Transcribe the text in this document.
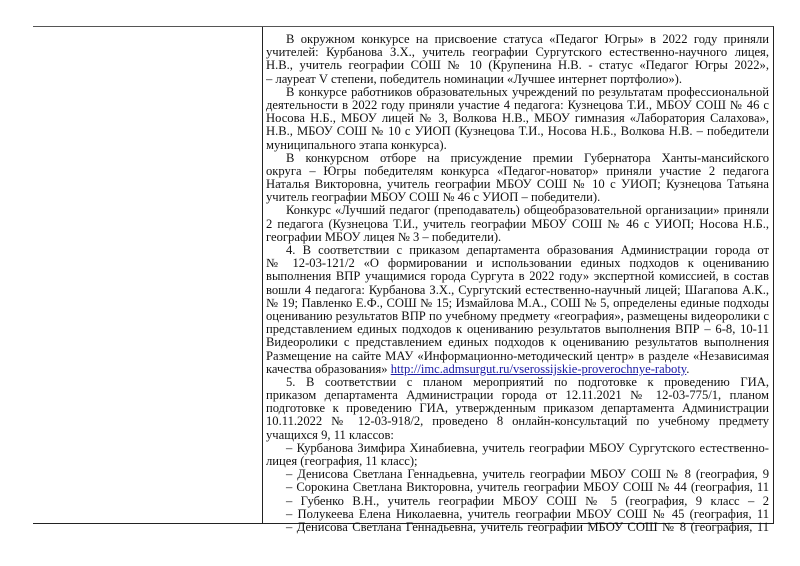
В окружном конкурсе на присвоение статуса «Педагог Югры» в 2022 году приняли
учителей: Курбанова З.Х., учитель географии Сургутского естественно-научного лицея,
Н.В., учитель географии СОШ № 10 (Крупенина Н.В. - статус «Педагог Югры 2022»,
– лауреат V степени, победитель номинации «Лучшее интернет портфолио»).
В конкурсе работников образовательных учреждений по результатам профессиональной
деятельности в 2022 году приняли участие 4 педагога: Кузнецова Т.И., МБОУ СОШ № 46 с
Носова Н.Б., МБОУ лицей № 3, Волкова Н.В., МБОУ гимназия «Лаборатория Салахова»,
Н.В., МБОУ СОШ № 10 с УИОП (Кузнецова Т.И., Носова Н.Б., Волкова Н.В. – победители
муниципального этапа конкурса).
В конкурсном отборе на присуждение премии Губернатора Ханты-мансийского
округа – Югры победителям конкурса «Педагог-новатор» приняли участие 2 педагога
Наталья Викторовна, учитель географии МБОУ СОШ № 10 с УИОП; Кузнецова Татьяна
учитель географии МБОУ СОШ № 46 с УИОП – победители).
Конкурс «Лучший педагог (преподаватель) общеобразовательной организации» приняли
2 педагога (Кузнецова Т.И., учитель географии МБОУ СОШ № 46 с УИОП; Носова Н.Б.,
географии МБОУ лицея № 3 – победители).
4. В соответствии с приказом департамента образования Администрации города от
№ 12-03-121/2 «О формировании и использовании единых подходов к оцениванию
выполнения ВПР учащимися города Сургута в 2022 году» экспертной комиссией, в состав
вошли 4 педагога: Курбанова З.Х., Сургутский естественно-научный лицей; Шагапова А.К.,
№ 19; Павленко Е.Ф., СОШ № 15; Измайлова М.А., СОШ № 5, определены единые подходы
оцениванию результатов ВПР по учебному предмету «география», размещены видеоролики с
представлением единых подходов к оцениванию результатов выполнения ВПР – 6-8, 10-11
Видеоролики с представлением единых подходов к оцениванию результатов выполнения
Размещение на сайте МАУ «Информационно-методический центр» в разделе «Независимая
качества образования» http://imc.admsurgut.ru/vserossijskie-proverochnye-raboty.
5. В соответствии с планом мероприятий по подготовке к проведению ГИА,
приказом департамента Администрации города от 12.11.2021 № 12-03-775/1, планом
подготовке к проведению ГИА, утвержденным приказом департамента Администрации
10.11.2022 № 12-03-918/2, проведено 8 онлайн-консультаций по учебному предмету
учащихся 9, 11 классов:
– Курбанова Зимфира Хинабиевна, учитель географии МБОУ Сургутского естественно-
лицея (география, 11 класс);
– Денисова Светлана Геннадьевна, учитель географии МБОУ СОШ № 8 (география, 9
– Сорокина Светлана Викторовна, учитель географии МБОУ СОШ № 44 (география, 11
– Губенко В.Н., учитель географии МБОУ СОШ № 5 (география, 9 класс – 2
– Полукеева Елена Николаевна, учитель географии МБОУ СОШ № 45 (география, 11
– Денисова Светлана Геннадьевна, учитель географии МБОУ СОШ № 8 (география, 11
